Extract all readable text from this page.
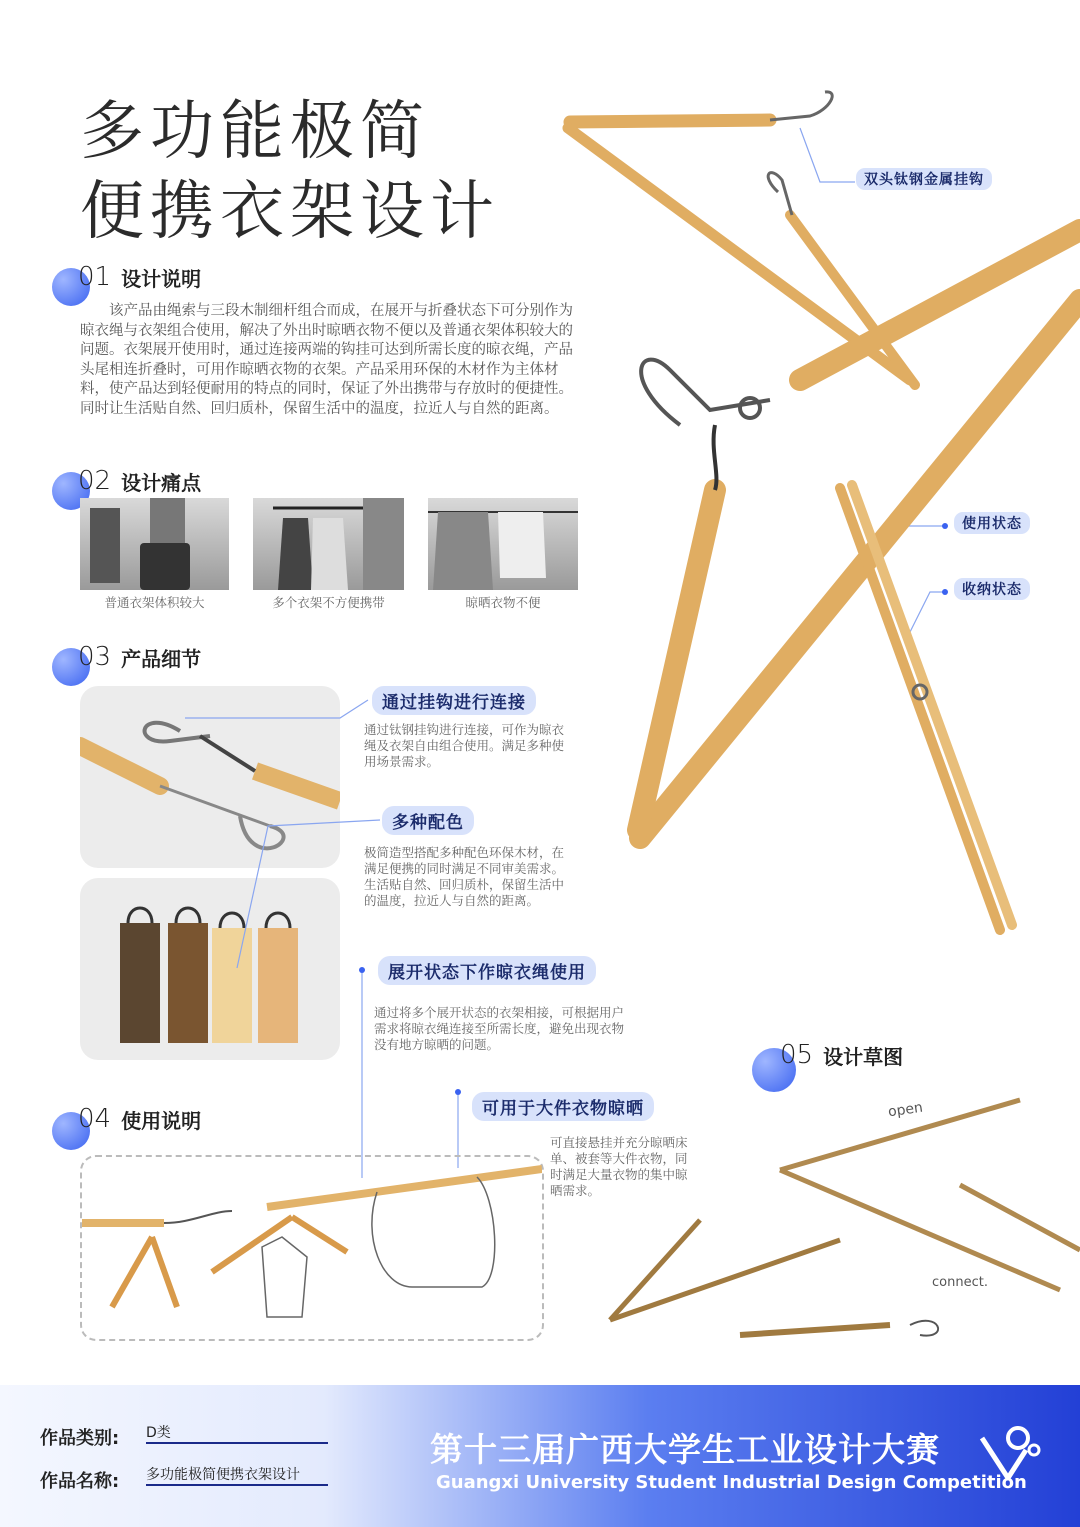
多功能极简
便携衣架设计
01 设计说明
该产品由绳索与三段木制细杆组合而成，在展开与折叠状态下可分别作为晾衣绳与衣架组合使用，解决了外出时晾晒衣物不便以及普通衣架体积较大的问题。衣架展开使用时，通过连接两端的钩挂可达到所需长度的晾衣绳，产品头尾相连折叠时，可用作晾晒衣物的衣架。产品采用环保的木材作为主体材料，使产品达到轻便耐用的特点的同时，保证了外出携带与存放时的便捷性。同时让生活贴自然、回归质朴，保留生活中的温度，拉近人与自然的距离。
02 设计痛点
普通衣架体积较大	多个衣架不方便携带	晾晒衣物不便
03 产品细节
通过挂钩进行连接
通过钛钢挂钩进行连接，可作为晾衣绳及衣架自由组合使用。满足多种使用场景需求。
多种配色
极简造型搭配多种配色环保木材，在满足便携的同时满足不同审美需求。生活贴自然、回归质朴，保留生活中的温度，拉近人与自然的距离。
展开状态下作晾衣绳使用
通过将多个展开状态的衣架相接，可根据用户需求将晾衣绳连接至所需长度，避免出现衣物没有地方晾晒的问题。
可用于大件衣物晾晒
可直接悬挂并充分晾晒床单、被套等大件衣物，同时满足大量衣物的集中晾晒需求。
04 使用说明
双头钛钢金属挂钩
使用状态
收纳状态
05 设计草图
open
connect.
作品类别: D类
作品名称: 多功能极简便携衣架设计
第十三届广西大学生工业设计大赛
Guangxi University Student Industrial Design Competition
